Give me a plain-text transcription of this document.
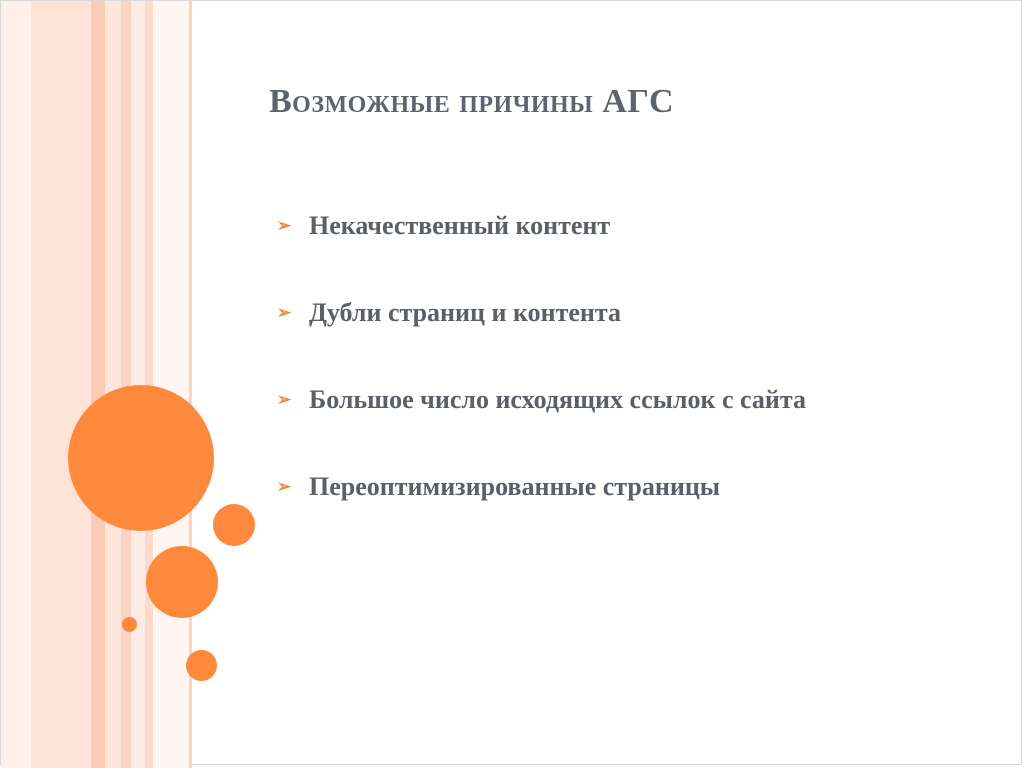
Возможные причины АГС
➢ Некачественный контент
➢ Дубли страниц и контента
➢ Большое число исходящих ссылок с сайта
➢ Переоптимизированные страницы
